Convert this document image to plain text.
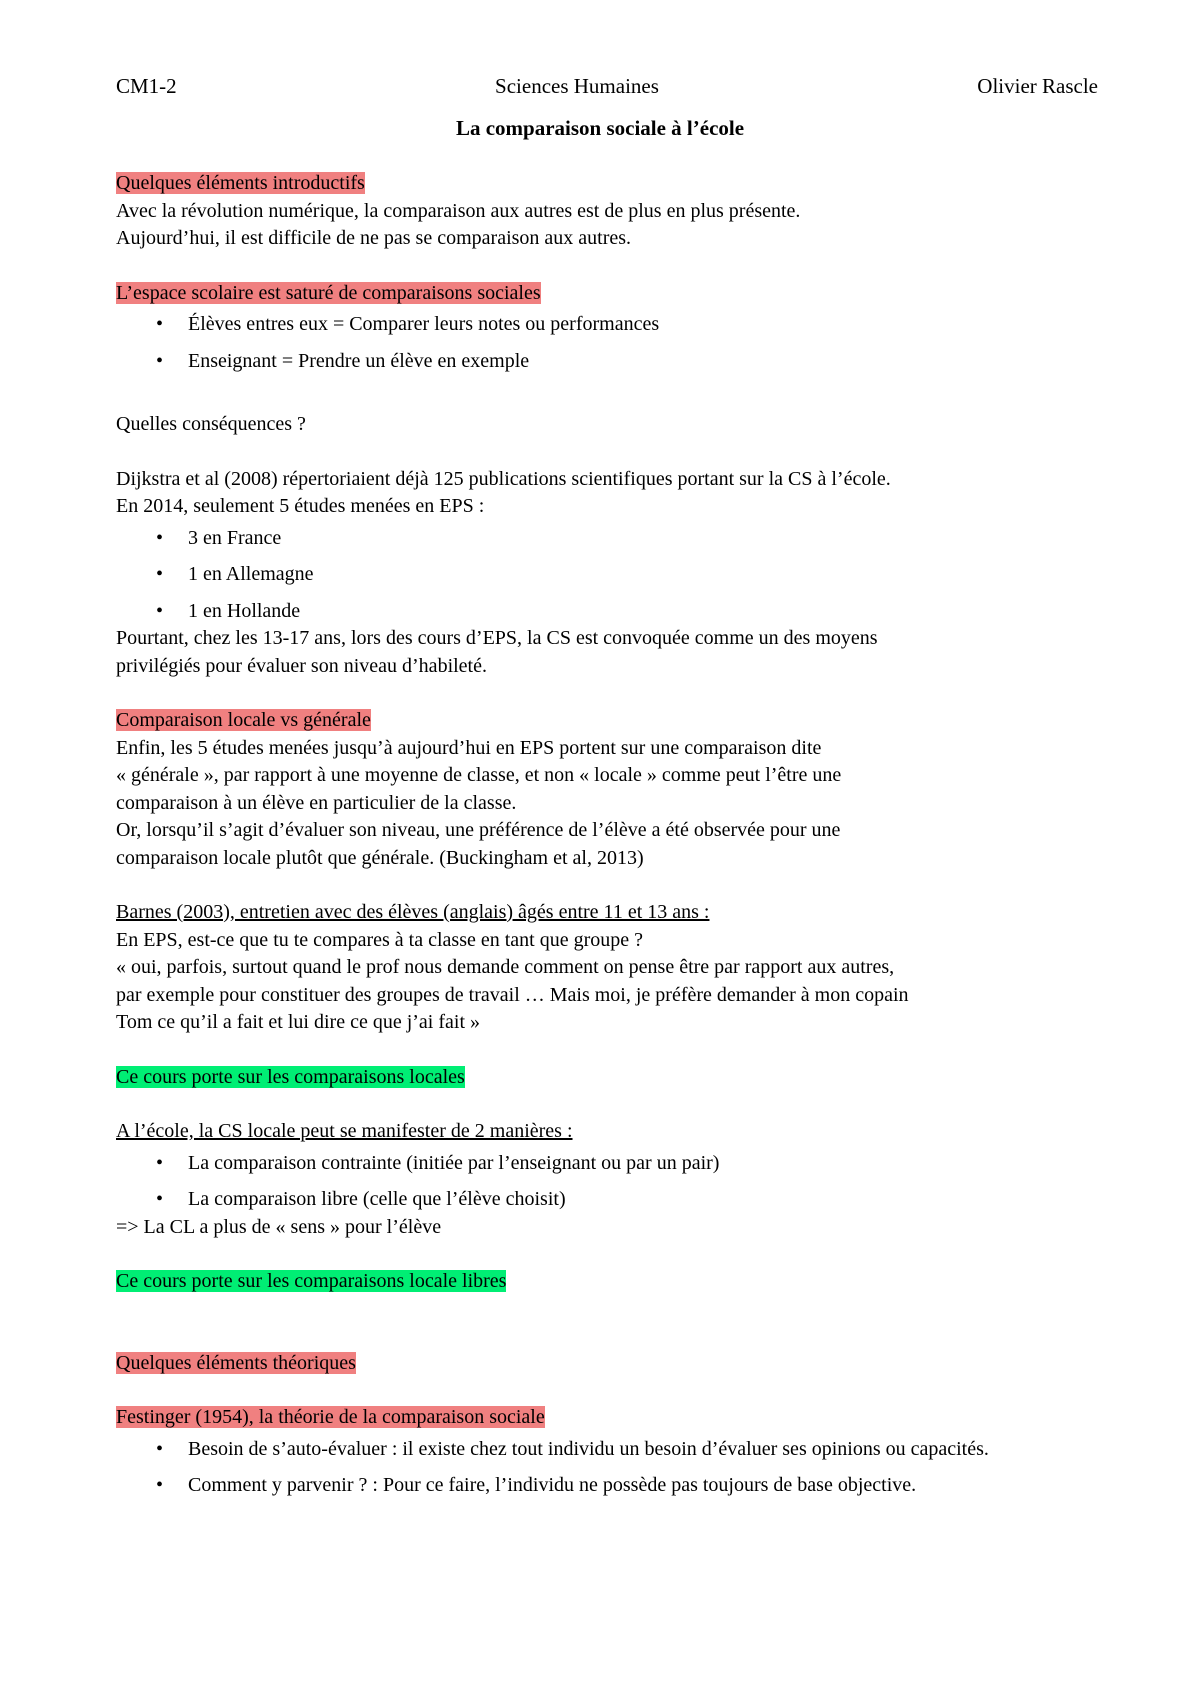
CM1-2	Sciences Humaines	Olivier Rascle
La comparaison sociale à l’école
Quelques éléments introductifs
Avec la révolution numérique, la comparaison aux autres est de plus en plus présente.
Aujourd’hui, il est difficile de ne pas se comparaison aux autres.
L’espace scolaire est saturé de comparaisons sociales
• Élèves entres eux = Comparer leurs notes ou performances
• Enseignant = Prendre un élève en exemple
Quelles conséquences ?
Dijkstra et al (2008) répertoriaient déjà 125 publications scientifiques portant sur la CS à l’école.
En 2014, seulement 5 études menées en EPS :
• 3 en France
• 1 en Allemagne
• 1 en Hollande
Pourtant, chez les 13-17 ans, lors des cours d’EPS, la CS est convoquée comme un des moyens
privilégiés pour évaluer son niveau d’habileté.
Comparaison locale vs générale
Enfin, les 5 études menées jusqu’à aujourd’hui en EPS portent sur une comparaison dite
« générale », par rapport à une moyenne de classe, et non « locale » comme peut l’être une
comparaison à un élève en particulier de la classe.
Or, lorsqu’il s’agit d’évaluer son niveau, une préférence de l’élève a été observée pour une
comparaison locale plutôt que générale. (Buckingham et al, 2013)
Barnes (2003), entretien avec des élèves (anglais) âgés entre 11 et 13 ans :
En EPS, est-ce que tu te compares à ta classe en tant que groupe ?
« oui, parfois, surtout quand le prof nous demande comment on pense être par rapport aux autres,
par exemple pour constituer des groupes de travail … Mais moi, je préfère demander à mon copain
Tom ce qu’il a fait et lui dire ce que j’ai fait »
Ce cours porte sur les comparaisons locales
A l’école, la CS locale peut se manifester de 2 manières :
• La comparaison contrainte (initiée par l’enseignant ou par un pair)
• La comparaison libre (celle que l’élève choisit)
=> La CL a plus de « sens » pour l’élève
Ce cours porte sur les comparaisons locale libres
Quelques éléments théoriques
Festinger (1954), la théorie de la comparaison sociale
• Besoin de s’auto-évaluer : il existe chez tout individu un besoin d’évaluer ses opinions ou capacités.
• Comment y parvenir ? : Pour ce faire, l’individu ne possède pas toujours de base objective.
